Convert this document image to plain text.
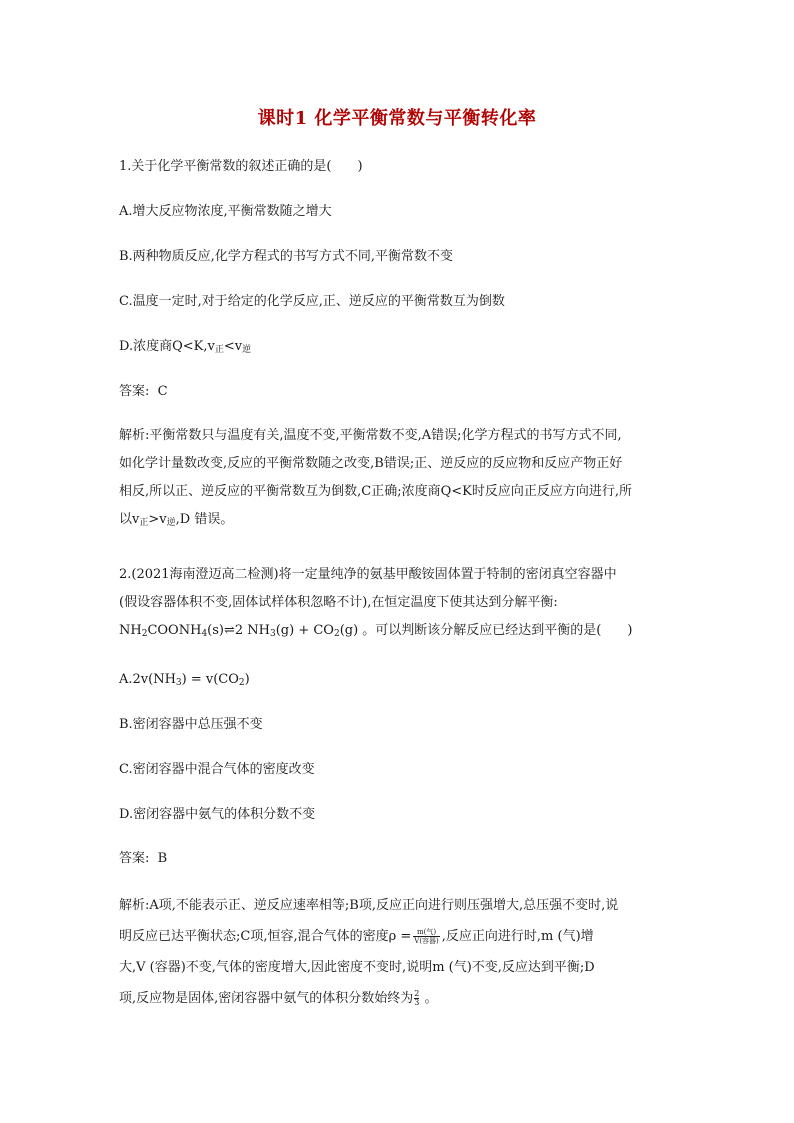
课时1 化学平衡常数与平衡转化率
1.关于化学平衡常数的叙述正确的是(　　)
A.增大反应物浓度,平衡常数随之增大
B.两种物质反应,化学方程式的书写方式不同,平衡常数不变
C.温度一定时,对于给定的化学反应,正、逆反应的平衡常数互为倒数
D.浓度商$Q<K,v_正<v_逆$
答案: C
解析:平衡常数只与温度有关,温度不变,平衡常数不变,A错误;化学方程式的书写方式不同,
如化学计量数改变,反应的平衡常数随之改变,B错误;正、逆反应的反应物和反应产物正好
相反,所以正、逆反应的平衡常数互为倒数,C正确;浓度商Q<K时反应向正反应方向进行,所
以$v_正>v_逆,D$ 错误。
2.(2021海南澄迈高二检测)将一定量纯净的氨基甲酸铵固体置于特制的密闭真空容器中
(假设容器体积不变,固体试样体积忽略不计),在恒定温度下使其达到分解平衡:
$NH_2COONH_4(s)\rightleftharpoons 2$ $NH_3(g) + CO_2(g)$ 。可以判断该分解反应已经达到平衡的是(　　)
$A.2v(NH_3) = v(CO_2)$
B.密闭容器中总压强不变
C.密闭容器中混合气体的密度改变
D.密闭容器中氨气的体积分数不变
答案: B
解析:A项,不能表示正、逆反应速率相等;B项,反应正向进行则压强增大,总压强不变时,说
明反应已达平衡状态;C项,恒容,混合气体的密度$\rho = \frac{\text{m(气)}}{\text{V(容器)}}$ ,反应正向进行时,m (气)增
大,V (容器)不变,气体的密度增大,因此密度不变时,说明m (气)不变,反应达到平衡;D
项,反应物是固体,密闭容器中氨气的体积分数始终为 $\frac{2}{3}$ 。
